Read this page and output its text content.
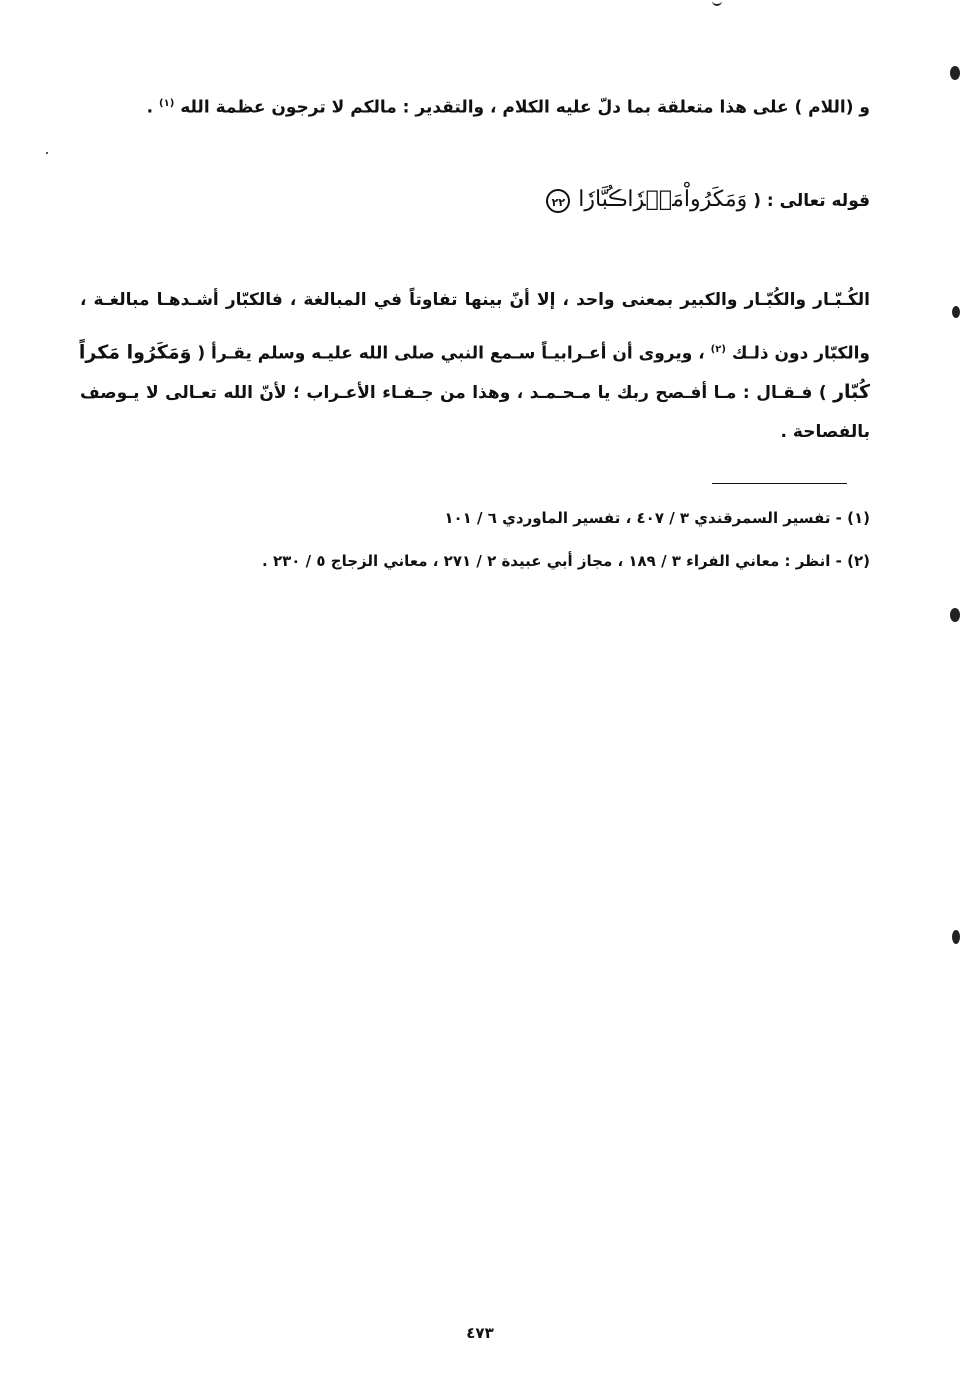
و (اللام ) على هذا متعلقة بما دلّ عليه الكلام ، والتقدير : مالكم لا ترجون عظمة الله $^{(١)}$ .
قوله تعالى : ( وَمَكَرُواْمَكۡرٗاڪُبَّارٗا ٢٢
الكُـبّـار والكُبّـار والكبير بمعنى واحد ، إلا أنّ بينها تفاوتاً في المبالغة ، فالكبّار أشـدهـا مبالغـة ،
والكبّار دون ذلـك $^{(٢)}$ ، ويروى أن أعـرابيـاً سـمع النبي صلى الله عليـه وسلم يقـرأ ( وَمَكَرُوا مَكراً
كُبّار ) فـقـال : مـا أفـصح ربك يا مـحـمـد ، وهذا من جـفـاء الأعـراب ؛ لأنّ الله تعـالى لا يـوصف
بالفصاحة .
(١) - تفسير السمرقندي ٣ / ٤٠٧ ، تفسير الماوردي ٦ / ١٠١
(٢) - انظر : معاني الفراء ٣ / ١٨٩ ، مجاز أبي عبيدة ٢ / ٢٧١ ، معاني الزجاج ٥ / ٢٣٠ .
٤٧٣
